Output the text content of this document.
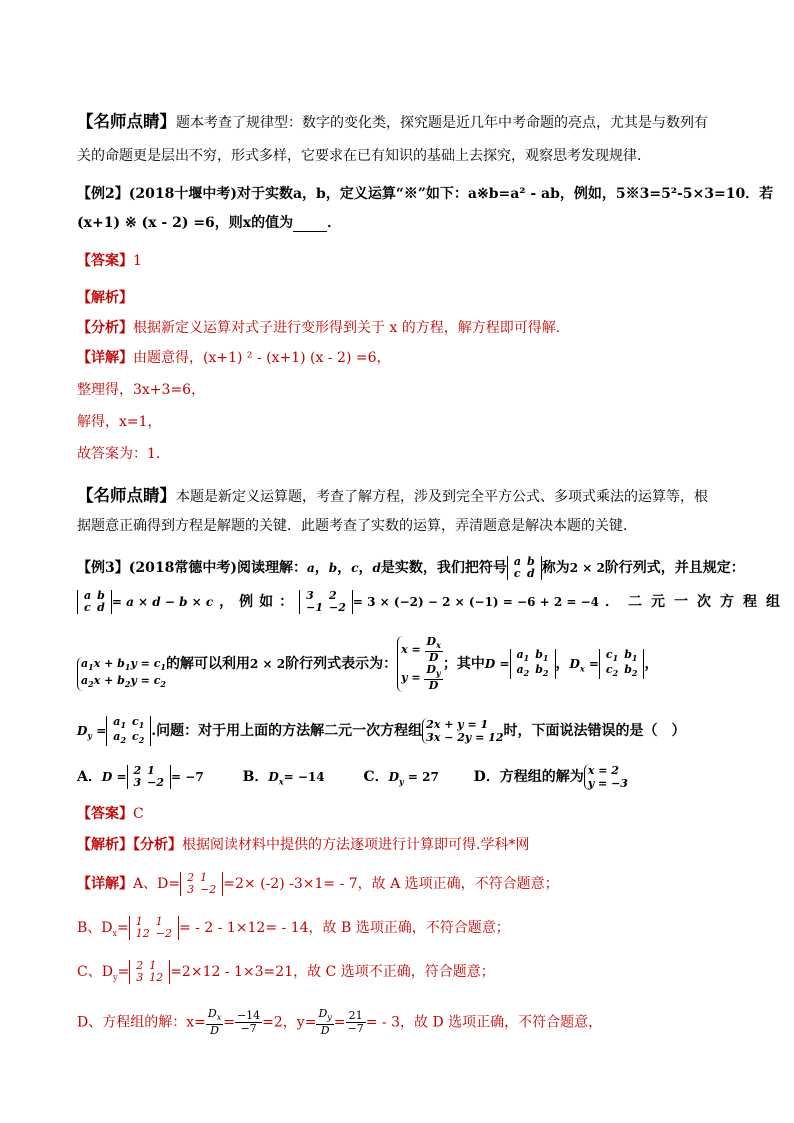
【名师点睛】题本考查了规律型：数字的变化类，探究题是近几年中考命题的亮点，尤其是与数列有
关的命题更是层出不穷，形式多样，它要求在已有知识的基础上去探究，观察思考发现规律．
【例2】(2018十堰中考)对于实数a，b，定义运算“※”如下：a※b=a² - ab，例如，5※3=5²-5×3=10．若
(x+1) ※ (x - 2) =6，则x的值为 ．
【答案】1
【解析】
【分析】根据新定义运算对式子进行变形得到关于 x 的方程，解方程即可得解.
【详解】由题意得，(x+1) ² - (x+1) (x - 2) =6，
整理得，3x+3=6，
解得，x=1，
故答案为：1．
【名师点睛】本题是新定义运算题，考查了解方程，涉及到完全平方公式、多项式乘法的运算等，根
据题意正确得到方程是解题的关键．此题考查了实数的运算，弄清题意是解决本题的关键．
【例3】(2018常德中考)阅读理解：a，b，c，d是实数，我们把符号 a	b
c	d 称为2 × 2阶行列式，并且规定：
a	b
c	d = a × d − b × c ，例如： 3	2
−1	−2 = 3 × (−2) − 2 × (−1) = −6 + 2 = −4 ．二元一次方程组
$a_1x + b_1y = c_1$
$a_2x + b_2y = c_2$的解可以利用2 × 2阶行列式表示为：$x = \frac{D_x}{D}$

$y = \frac{D_y}{D}$ ；其中D =
$a_1$	$b_1$
$a_2$	$b_2$
，$D_x$ =
$c_1$	$b_1$
$c_2$	$b_2$
，
$D_y$ =
$a_1$	$c_1$
$a_2$	$c_2$
.问题：对于用上面的方法解二元一次方程组 2x + y = 1
3x − 2y = 12时，下面说法错误的是（　）
A．D = 2	1
3	−2 = −7	B．$D_x= -14$	C．$D_y = 27$ D．方程组的解为 x = 2
y = −3
【答案】C
【解析】【分析】根据阅读材料中提供的方法逐项进行计算即可得.学科*网
【详解】A、D= 2	1
3	−2 =2× (-2) -3×1= - 7，故 A 选项正确，不符合题意；
B、$D_x= 1$	1
12	−2 = - 2 - 1×12= - 14，故 B 选项正确，不符合题意；
C、$D_y= 2$	1
3	12 =2×12 - 1×3=21，故 C 选项不正确，符合题意；
D、方程组的解：$x= \frac{D_x}{D} = \frac{-14}{-7} =2$，$y= \frac{D_y}{D} = \frac{21}{-7}$ = - 3，故 D 选项正确，不符合题意，
